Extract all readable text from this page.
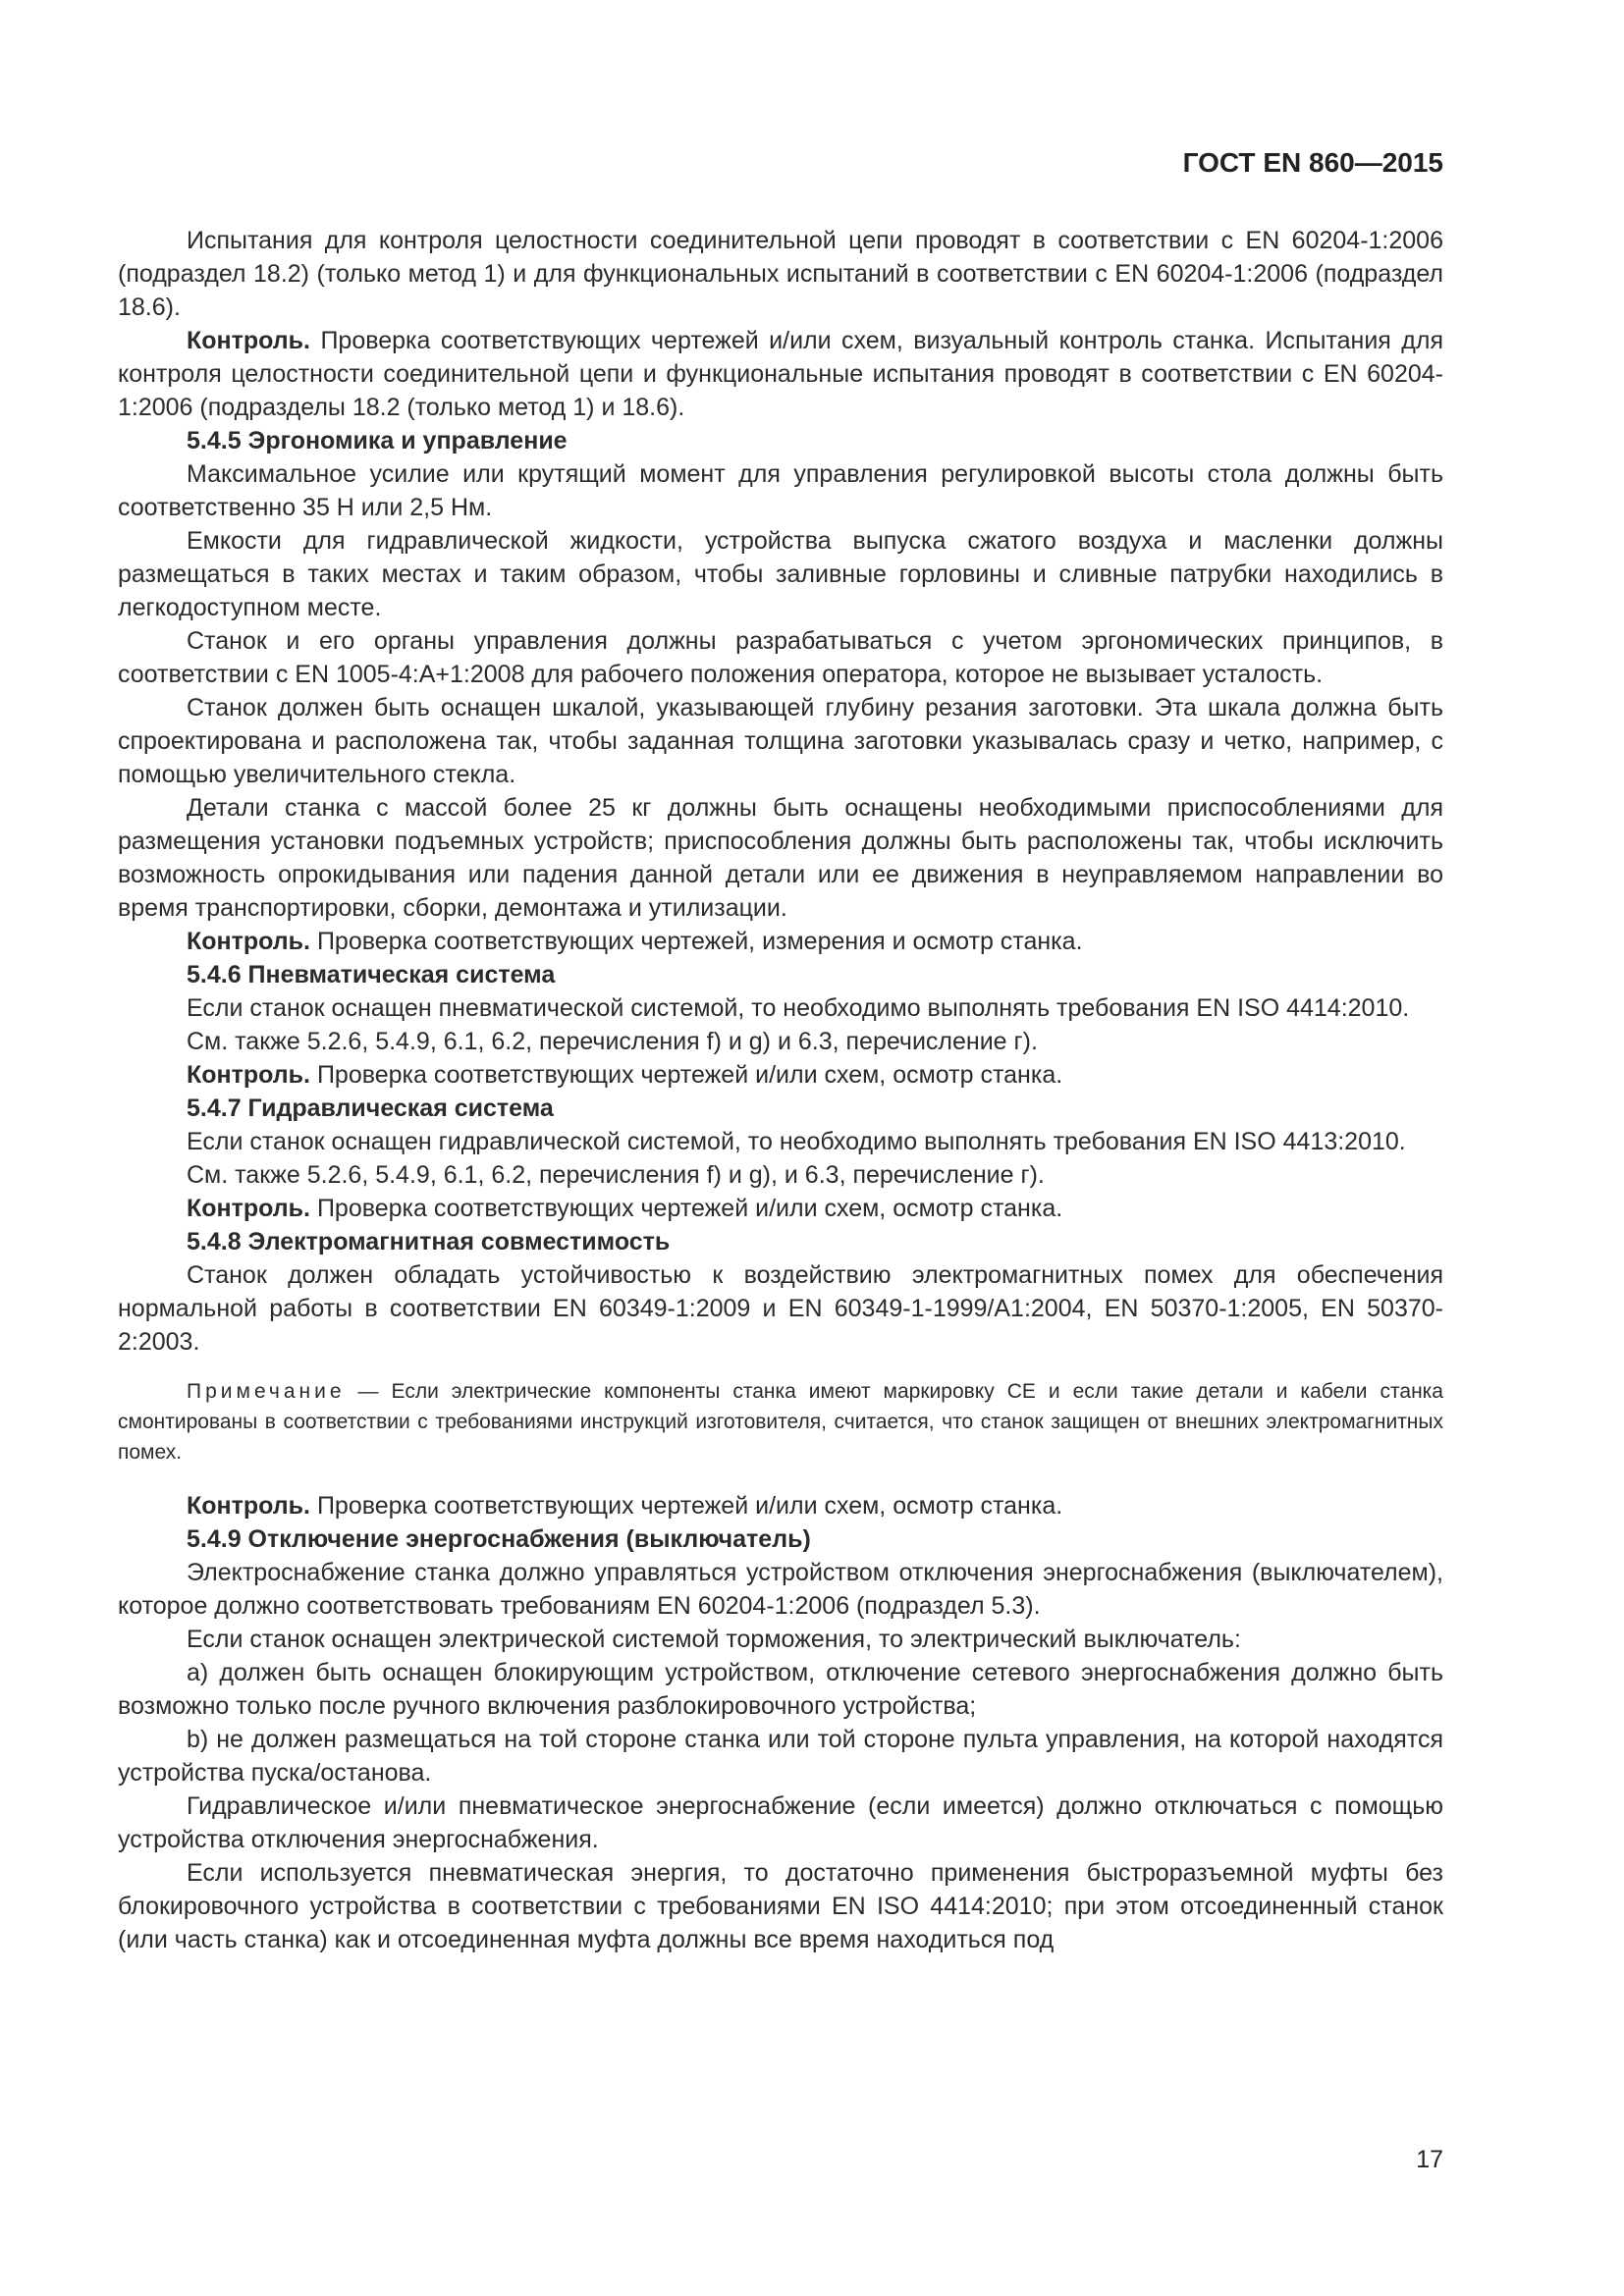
ГОСТ EN 860—2015

Испытания для контроля целостности соединительной цепи проводят в соответствии с EN 60204-1:2006 (подраздел 18.2) (только метод 1) и для функциональных испытаний в соответствии с EN 60204-1:2006 (подраздел 18.6).

Контроль. Проверка соответствующих чертежей и/или схем, визуальный контроль станка. Испытания для контроля целостности соединительной цепи и функциональные испытания проводят в соответствии с EN 60204-1:2006 (подразделы 18.2 (только метод 1) и 18.6).

5.4.5 Эргономика и управление

Максимальное усилие или крутящий момент для управления регулировкой высоты стола должны быть соответственно 35 Н или 2,5 Нм.

Емкости для гидравлической жидкости, устройства выпуска сжатого воздуха и масленки должны размещаться в таких местах и таким образом, чтобы заливные горловины и сливные патрубки находились в легкодоступном месте.

Станок и его органы управления должны разрабатываться с учетом эргономических принципов, в соответствии с EN 1005-4:A+1:2008 для рабочего положения оператора, которое не вызывает усталость.

Станок должен быть оснащен шкалой, указывающей глубину резания заготовки. Эта шкала должна быть спроектирована и расположена так, чтобы заданная толщина заготовки указывалась сразу и четко, например, с помощью увеличительного стекла.

Детали станка с массой более 25 кг должны быть оснащены необходимыми приспособлениями для размещения установки подъемных устройств; приспособления должны быть расположены так, чтобы исключить возможность опрокидывания или падения данной детали или ее движения в неуправляемом направлении во время транспортировки, сборки, демонтажа и утилизации.

Контроль. Проверка соответствующих чертежей, измерения и осмотр станка.

5.4.6 Пневматическая система

Если станок оснащен пневматической системой, то необходимо выполнять требования EN ISO 4414:2010.

См. также 5.2.6, 5.4.9, 6.1, 6.2, перечисления f) и g) и 6.3, перечисление г).

Контроль. Проверка соответствующих чертежей и/или схем, осмотр станка.

5.4.7 Гидравлическая система

Если станок оснащен гидравлической системой, то необходимо выполнять требования EN ISO 4413:2010.

См. также 5.2.6, 5.4.9, 6.1, 6.2, перечисления f) и g), и 6.3, перечисление г).

Контроль. Проверка соответствующих чертежей и/или схем, осмотр станка.

5.4.8 Электромагнитная совместимость

Станок должен обладать устойчивостью к воздействию электромагнитных помех для обеспечения нормальной работы в соответствии EN 60349-1:2009 и EN 60349-1-1999/A1:2004, EN 50370-1:2005, EN 50370-2:2003.

Примечание — Если электрические компоненты станка имеют маркировку СЕ и если такие детали и кабели станка смонтированы в соответствии с требованиями инструкций изготовителя, считается, что станок защищен от внешних электромагнитных помех.

Контроль. Проверка соответствующих чертежей и/или схем, осмотр станка.

5.4.9 Отключение энергоснабжения (выключатель)

Электроснабжение станка должно управляться устройством отключения энергоснабжения (выключателем), которое должно соответствовать требованиям EN 60204-1:2006 (подраздел 5.3).

Если станок оснащен электрической системой торможения, то электрический выключатель:

a) должен быть оснащен блокирующим устройством, отключение сетевого энергоснабжения должно быть возможно только после ручного включения разблокировочного устройства;

b) не должен размещаться на той стороне станка или той стороне пульта управления, на которой находятся устройства пуска/останова.

Гидравлическое и/или пневматическое энергоснабжение (если имеется) должно отключаться с помощью устройства отключения энергоснабжения.

Если используется пневматическая энергия, то достаточно применения быстроразъемной муфты без блокировочного устройства в соответствии с требованиями EN ISO 4414:2010; при этом отсоединенный станок (или часть станка) как и отсоединенная муфта должны все время находиться под

17
